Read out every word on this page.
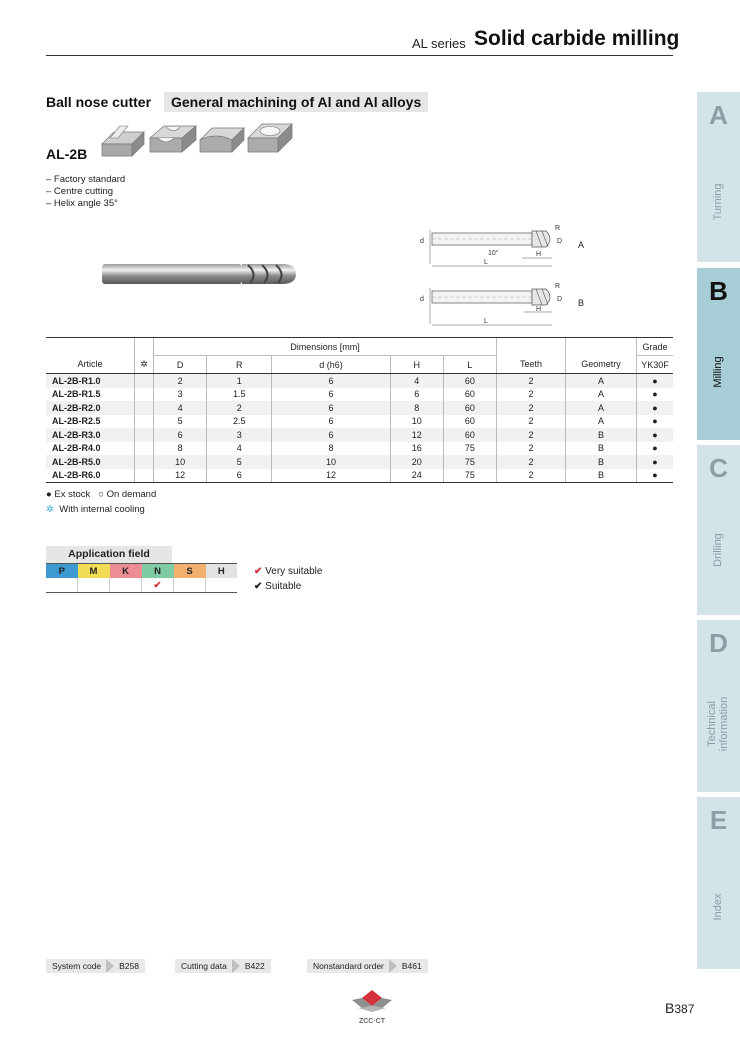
AL series Solid carbide milling
Ball nose cutter	General machining of Al and Al alloys
AL-2B
– Factory standard
– Centre cutting
– Helix angle 35°
d
R
D
10°	H
L
A
d
R
D
H
L
B
		Dimensions [mm]							Grade
Article	✲	D	R	d (h6)	H	L	Teeth	Geometry	YK30F
AL-2B-R1.0		2	1	6	4	60	2	A	●
AL-2B-R1.5		3	1.5	6	6	60	2	A	●
AL-2B-R2.0		4	2	6	8	60	2	A	●
AL-2B-R2.5		5	2.5	6	10	60	2	A	●
AL-2B-R3.0		6	3	6	12	60	2	B	●
AL-2B-R4.0		8	4	8	16	75	2	B	●
AL-2B-R5.0		10	5	10	20	75	2	B	●
AL-2B-R6.0		12	6	12	24	75	2	B	●
● Ex stock ○ On demand
✲ With internal cooling
Application field
P	M	K	N	S	H
			✔		
✔ Very suitable
✔ Suitable
A
Turning
B
Milling
C
Drilling
D
Technical information
E
Index
System code B258	Cutting data B422	Nonstandard order B461
ZCC·CT
B387
